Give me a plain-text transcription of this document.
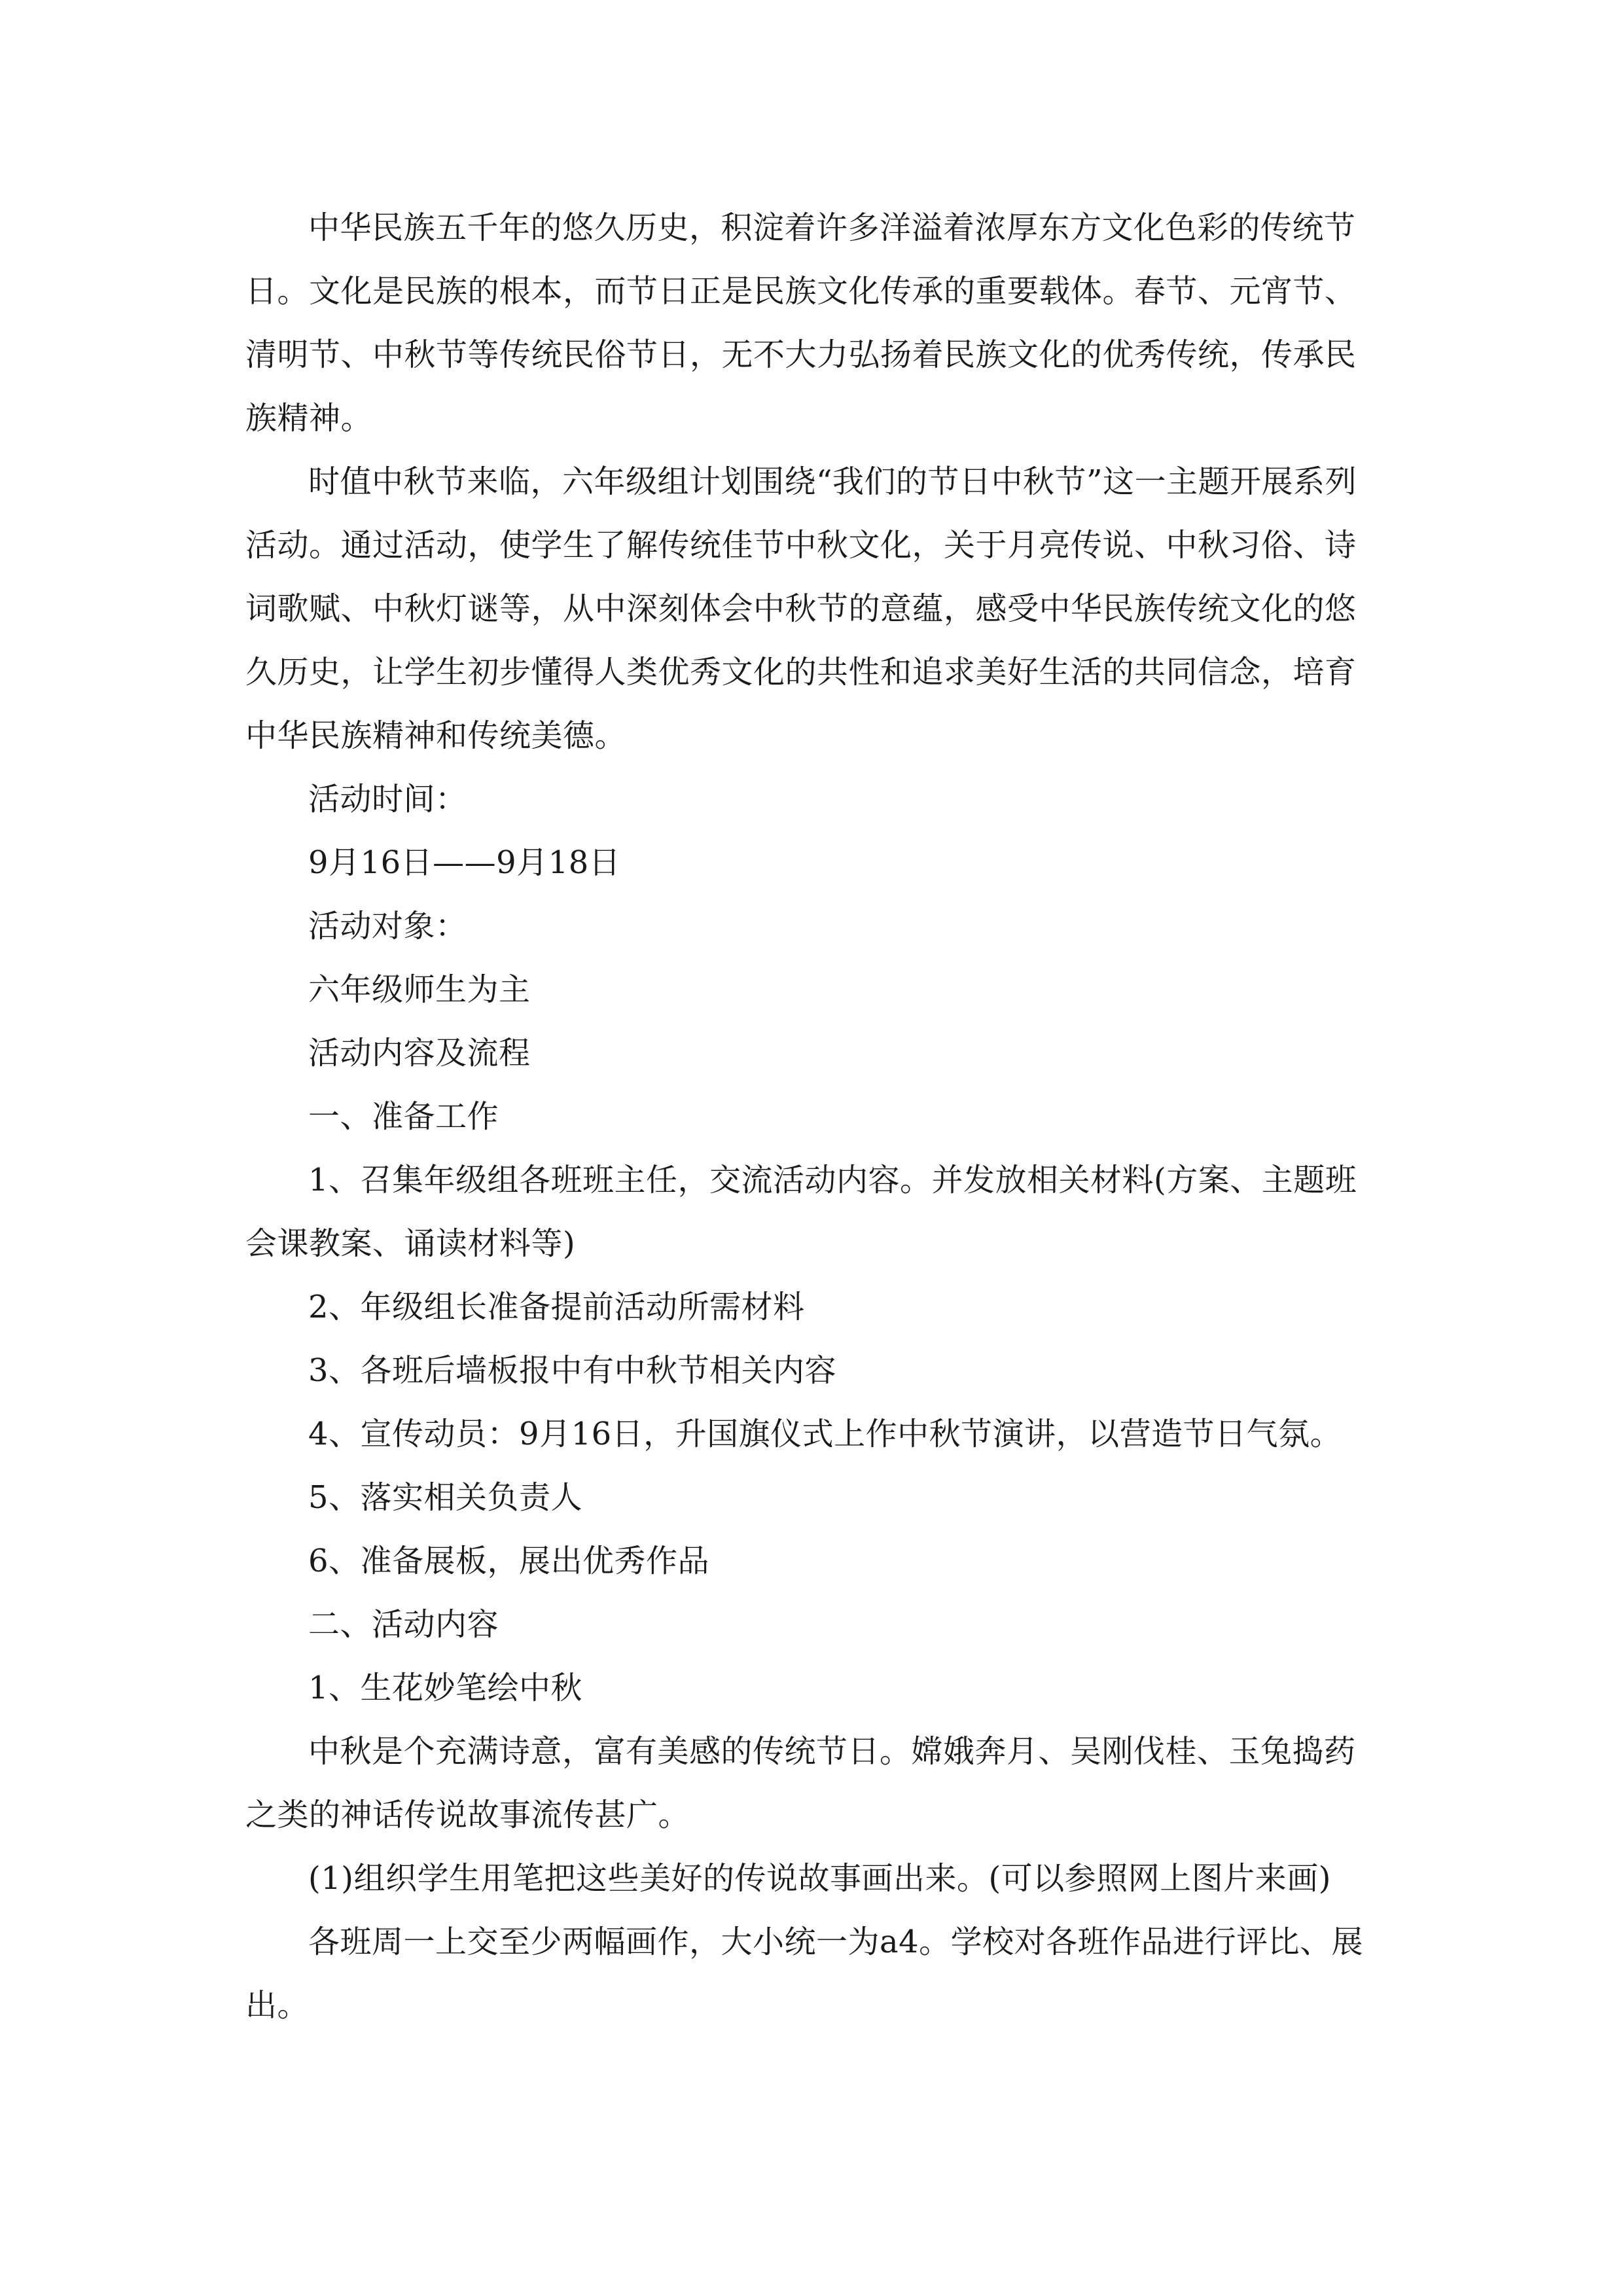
中华民族五千年的悠久历史，积淀着许多洋溢着浓厚东方文化色彩的传统节日。文化是民族的根本，而节日正是民族文化传承的重要载体。春节、元宵节、清明节、中秋节等传统民俗节日，无不大力弘扬着民族文化的优秀传统，传承民族精神。

时值中秋节来临，六年级组计划围绕“我们的节日中秋节”这一主题开展系列活动。通过活动，使学生了解传统佳节中秋文化，关于月亮传说、中秋习俗、诗词歌赋、中秋灯谜等，从中深刻体会中秋节的意蕴，感受中华民族传统文化的悠久历史，让学生初步懂得人类优秀文化的共性和追求美好生活的共同信念，培育中华民族精神和传统美德。

活动时间：

9月16日——9月18日

活动对象：

六年级师生为主

活动内容及流程

一、准备工作

1、召集年级组各班班主任，交流活动内容。并发放相关材料(方案、主题班会课教案、诵读材料等)

2、年级组长准备提前活动所需材料

3、各班后墙板报中有中秋节相关内容

4、宣传动员：9月16日，升国旗仪式上作中秋节演讲，以营造节日气氛。

5、落实相关负责人

6、准备展板，展出优秀作品

二、活动内容

1、生花妙笔绘中秋

中秋是个充满诗意，富有美感的传统节日。嫦娥奔月、吴刚伐桂、玉兔捣药之类的神话传说故事流传甚广。

(1)组织学生用笔把这些美好的传说故事画出来。(可以参照网上图片来画)

各班周一上交至少两幅画作，大小统一为a4。学校对各班作品进行评比、展出。
